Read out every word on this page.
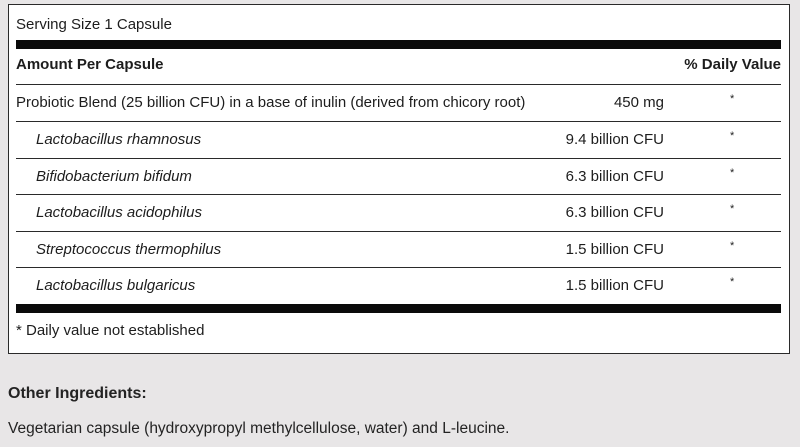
Serving Size 1 Capsule
Amount Per Capsule	% Daily Value
Probiotic Blend (25 billion CFU) in a base of inulin (derived from chicory root)	450 mg	*
Lactobacillus rhamnosus	9.4 billion CFU	*
Bifidobacterium bifidum	6.3 billion CFU	*
Lactobacillus acidophilus	6.3 billion CFU	*
Streptococcus thermophilus	1.5 billion CFU	*
Lactobacillus bulgaricus	1.5 billion CFU	*
* Daily value not established
Other Ingredients:
Vegetarian capsule (hydroxypropyl methylcellulose, water) and L-leucine.
